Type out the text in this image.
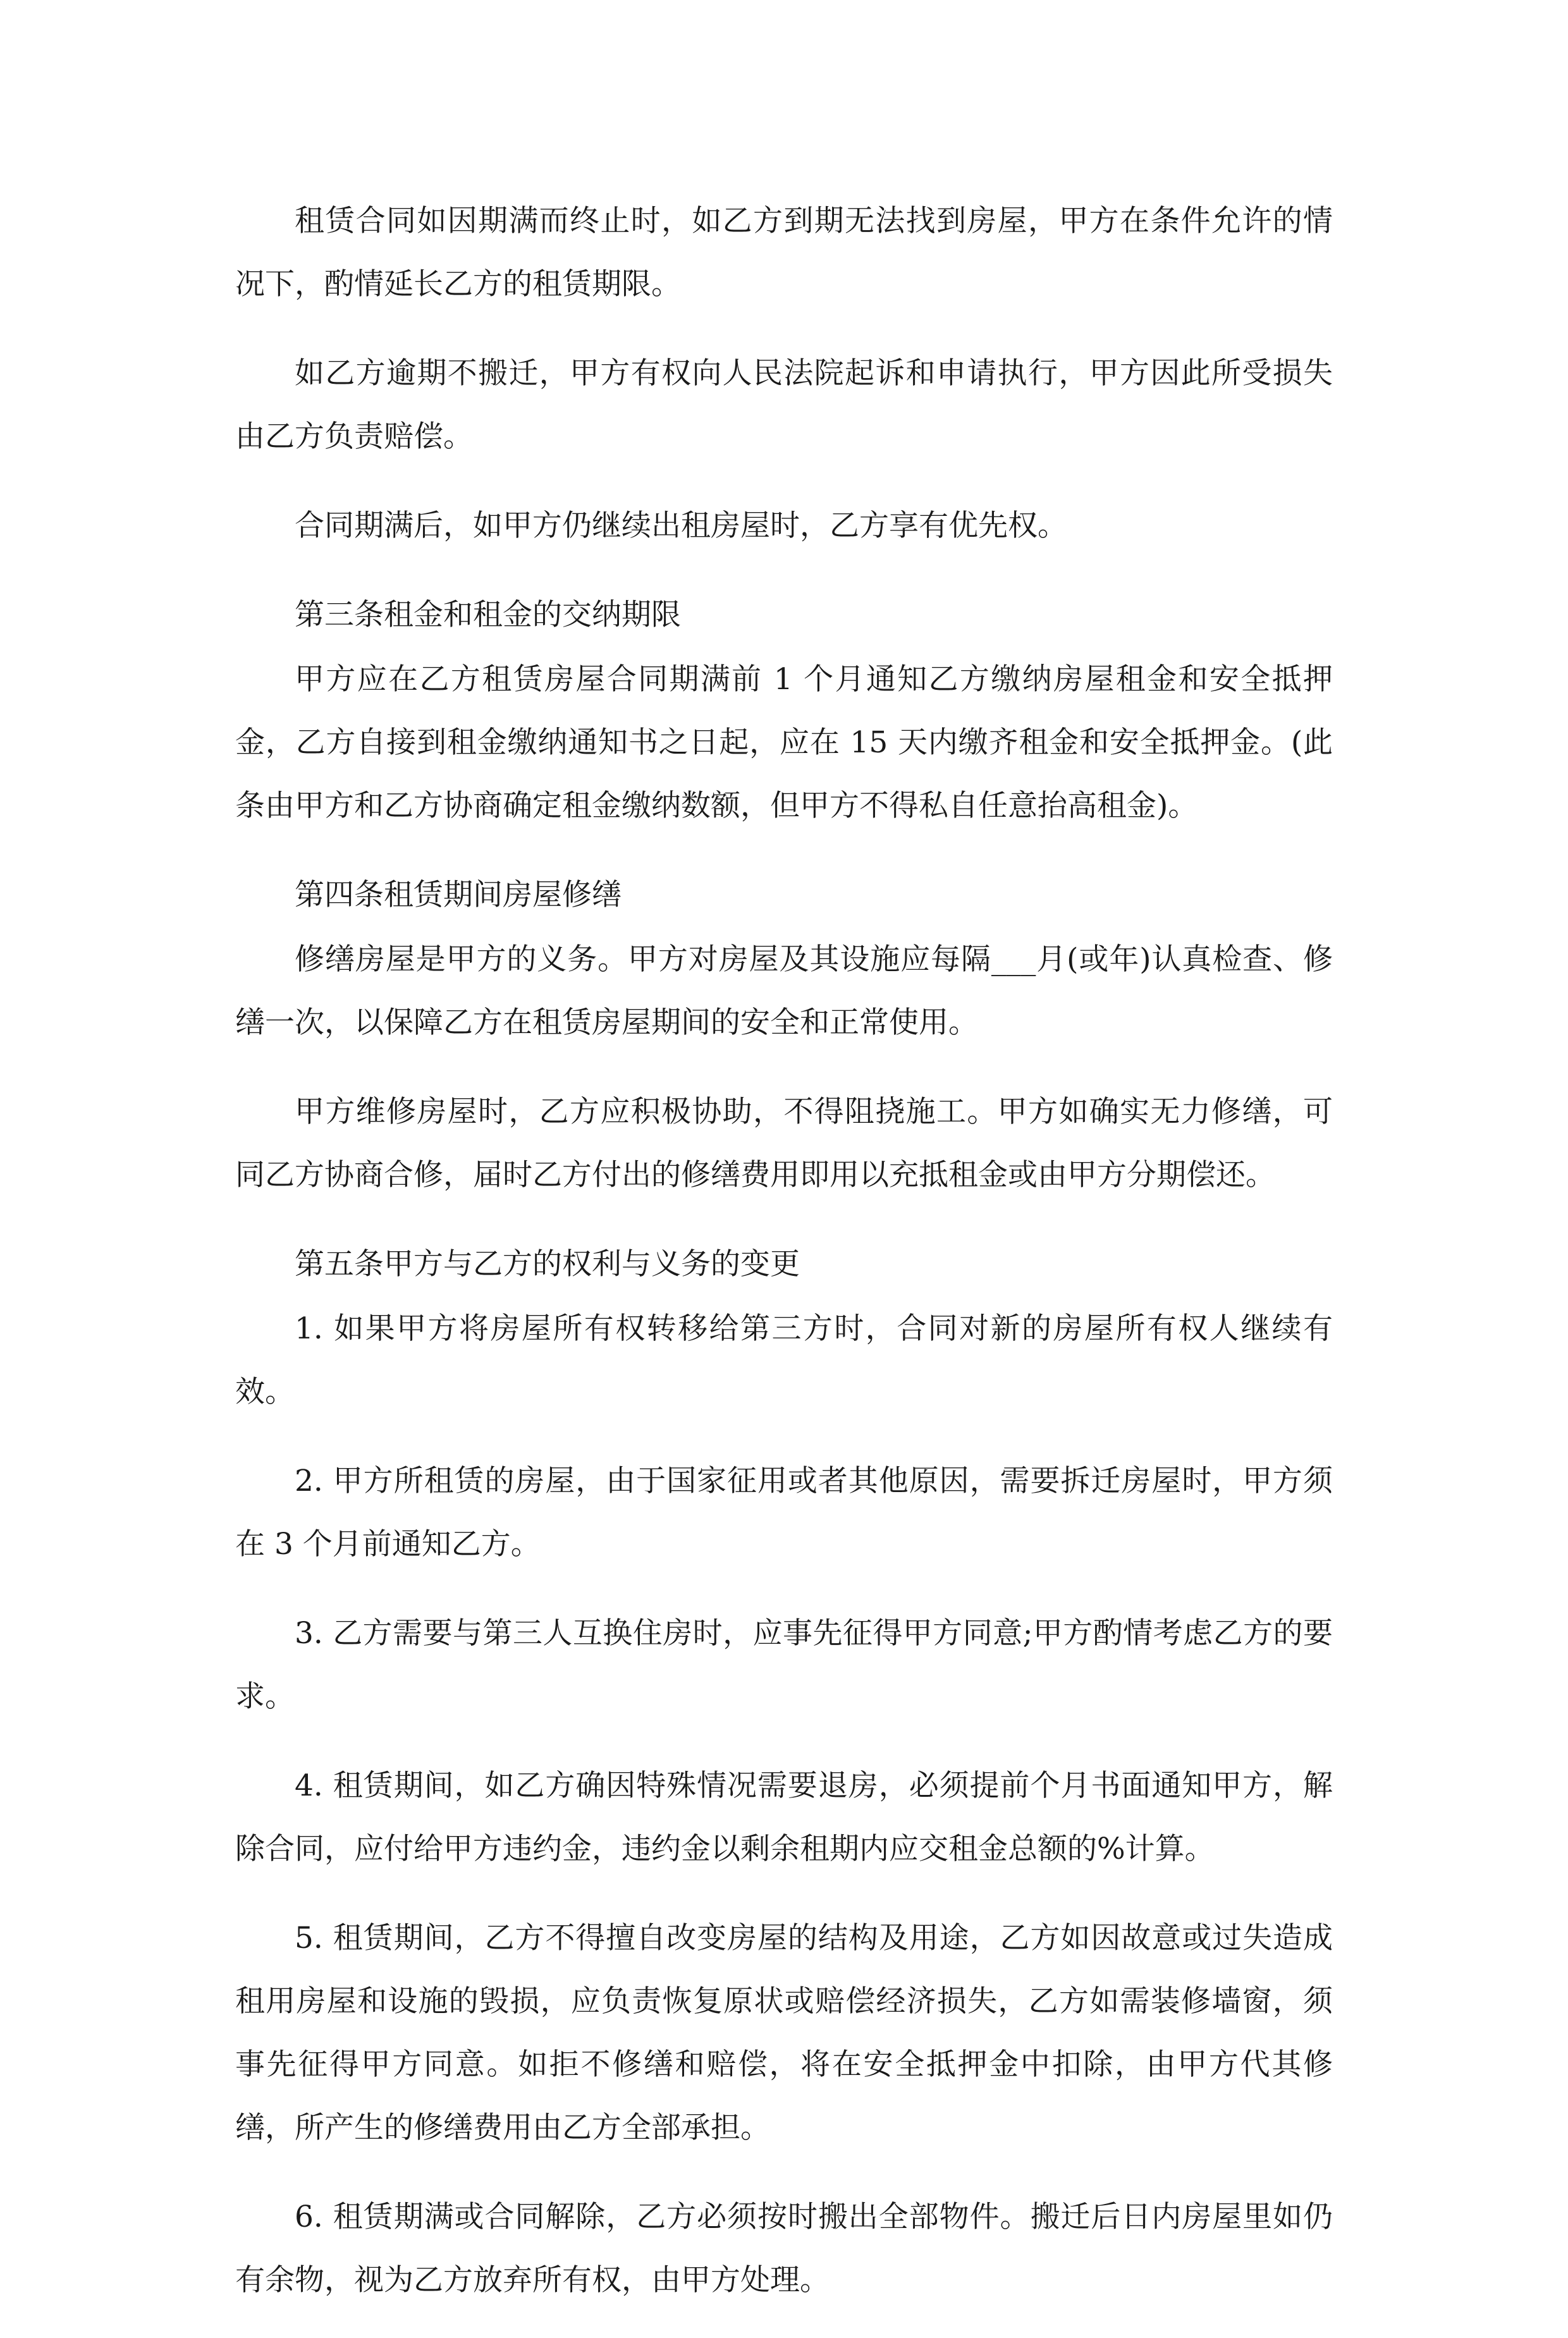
租赁合同如因期满而终止时，如乙方到期无法找到房屋，甲方在条件允许的情况下，酌情延长乙方的租赁期限。

如乙方逾期不搬迁，甲方有权向人民法院起诉和申请执行，甲方因此所受损失由乙方负责赔偿。

合同期满后，如甲方仍继续出租房屋时，乙方享有优先权。

第三条租金和租金的交纳期限

甲方应在乙方租赁房屋合同期满前 1 个月通知乙方缴纳房屋租金和安全抵押金，乙方自接到租金缴纳通知书之日起，应在 15 天内缴齐租金和安全抵押金。(此条由甲方和乙方协商确定租金缴纳数额，但甲方不得私自任意抬高租金)。

第四条租赁期间房屋修缮

修缮房屋是甲方的义务。甲方对房屋及其设施应每隔___月(或年)认真检查、修缮一次，以保障乙方在租赁房屋期间的安全和正常使用。

甲方维修房屋时，乙方应积极协助，不得阻挠施工。甲方如确实无力修缮，可同乙方协商合修，届时乙方付出的修缮费用即用以充抵租金或由甲方分期偿还。

第五条甲方与乙方的权利与义务的变更

1. 如果甲方将房屋所有权转移给第三方时，合同对新的房屋所有权人继续有效。

2. 甲方所租赁的房屋，由于国家征用或者其他原因，需要拆迁房屋时，甲方须在 3 个月前通知乙方。

3. 乙方需要与第三人互换住房时，应事先征得甲方同意;甲方酌情考虑乙方的要求。

4. 租赁期间，如乙方确因特殊情况需要退房，必须提前个月书面通知甲方，解除合同，应付给甲方违约金，违约金以剩余租期内应交租金总额的%计算。

5. 租赁期间，乙方不得擅自改变房屋的结构及用途，乙方如因故意或过失造成租用房屋和设施的毁损，应负责恢复原状或赔偿经济损失，乙方如需装修墙窗，须事先征得甲方同意。如拒不修缮和赔偿，将在安全抵押金中扣除，由甲方代其修缮，所产生的修缮费用由乙方全部承担。

6. 租赁期满或合同解除，乙方必须按时搬出全部物件。搬迁后日内房屋里如仍有余物，视为乙方放弃所有权，由甲方处理。
